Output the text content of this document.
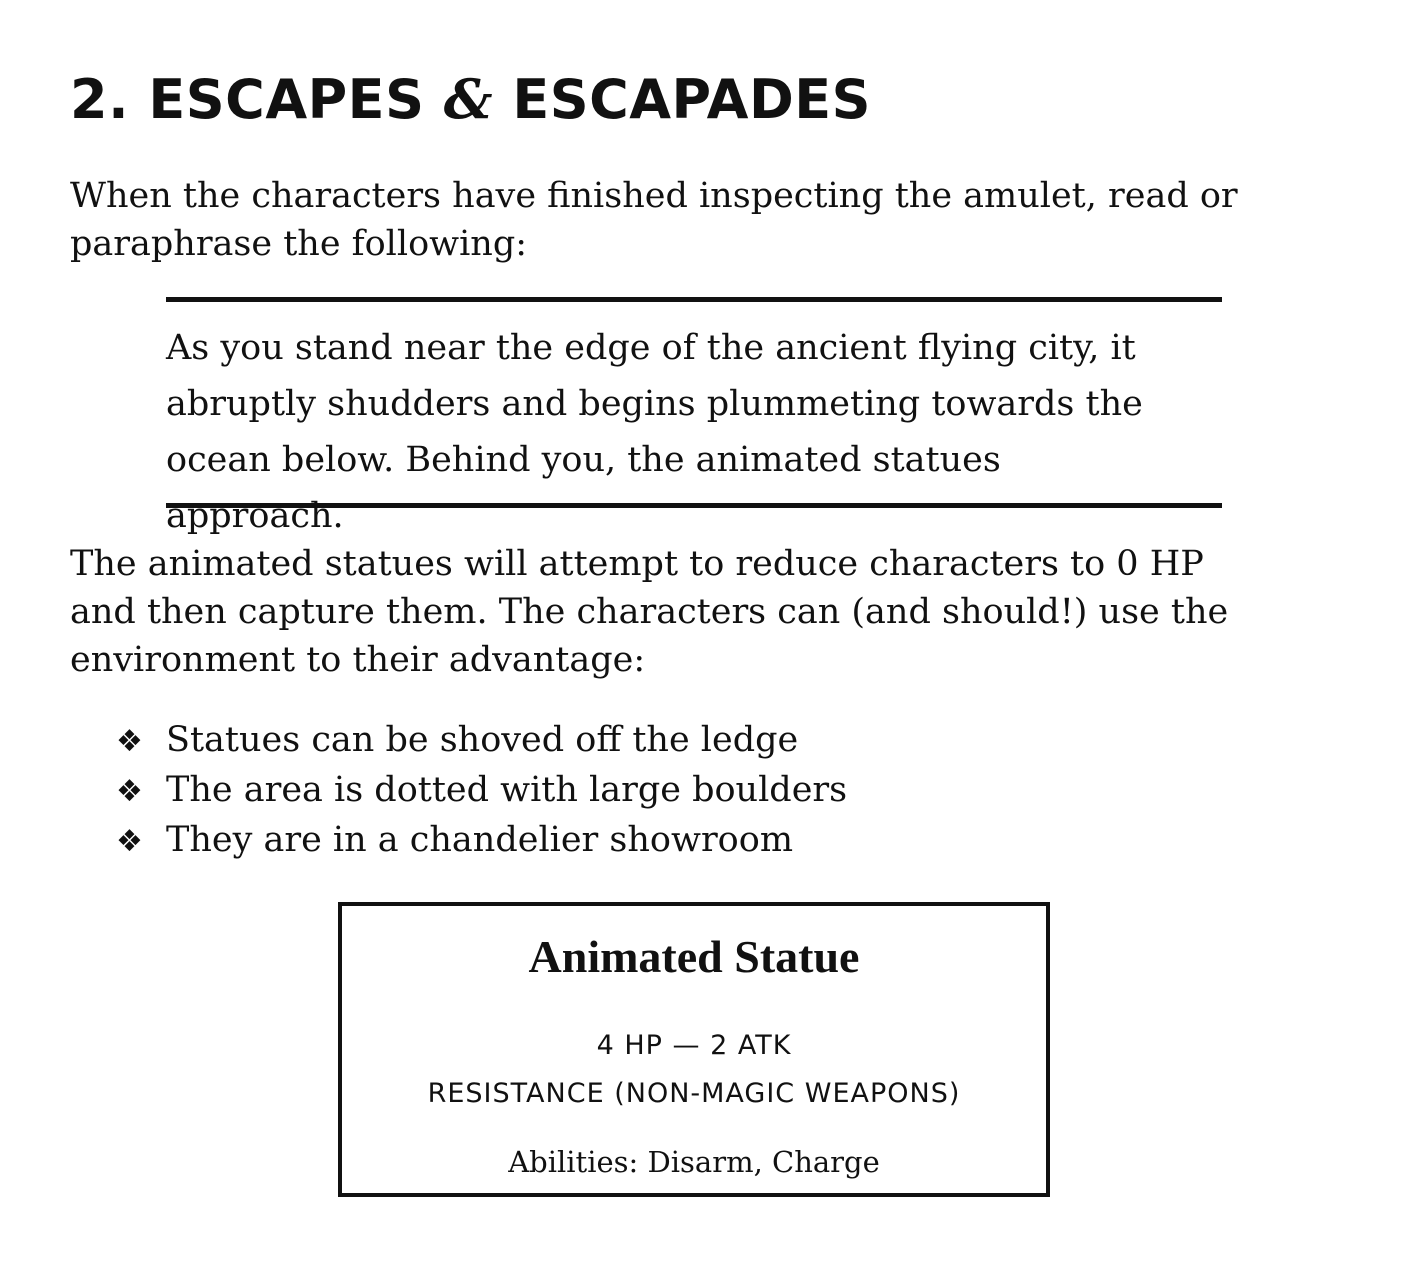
2. ESCAPES & ESCAPADES

When the characters have finished inspecting the amulet, read or paraphrase the following:

As you stand near the edge of the ancient flying city, it abruptly shudders and begins plummeting towards the ocean below. Behind you, the animated statues approach.

The animated statues will attempt to reduce characters to 0 HP and then capture them. The characters can (and should!) use the environment to their advantage:

❖ Statues can be shoved off the ledge
❖ The area is dotted with large boulders
❖ They are in a chandelier showroom
Animated Statue
4 HP — 2 ATK
RESISTANCE (NON-MAGIC WEAPONS)
Abilities: Disarm, Charge
